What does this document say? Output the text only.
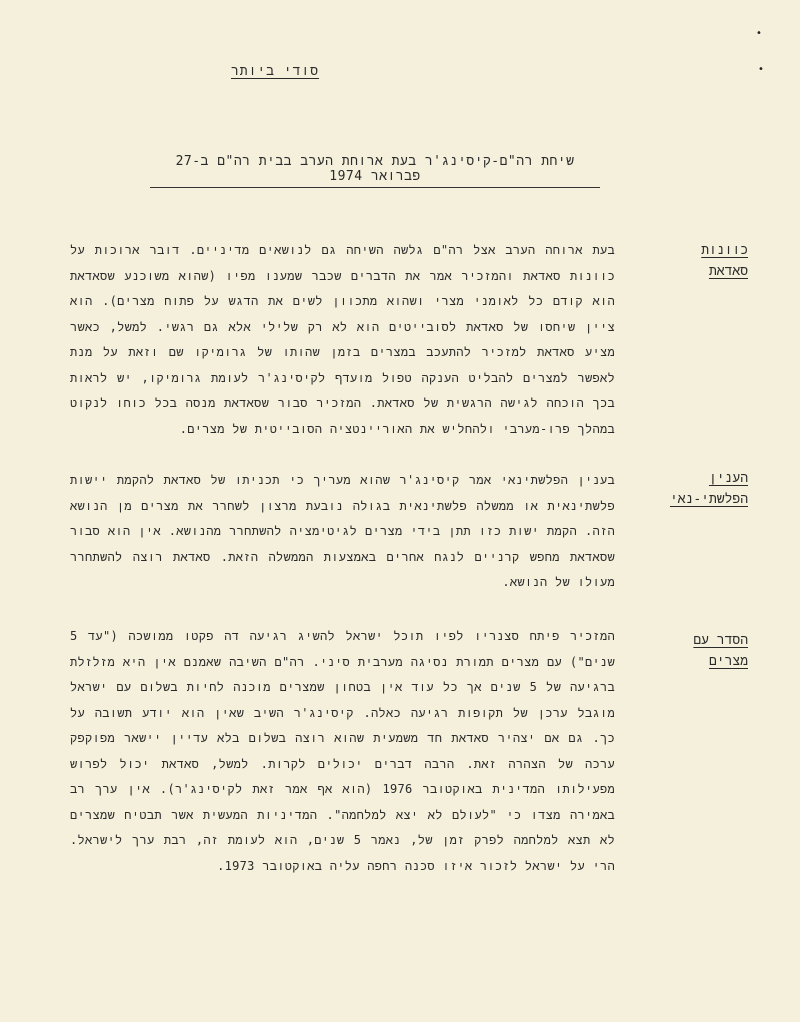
•
•
סודי ביותר
שיחת רה"ם-קיסינג'ר בעת ארוחת הערב בבית רה"ם ב-27 פברואר 1974
כוונות סאדאת
בעת ארוחה הערב אצל רה"ם גלשה השיחה גם לנושאים מדיניים. דובר ארוכות על כוונות סאדאת והמזכיר אמר את הדברים שכבר שמענו מפיו (שהוא משוכנע שסאדאת הוא קודם כל לאומני מצרי ושהוא מתכוון לשים את הדגש על פתוח מצרים). הוא ציין שיחסו של סאדאת לסובייטים הוא לא רק שלילי אלא גם רגשי. למשל, כאשר מציע סאדאת למזכיר להתעכב במצרים בזמן שהותו של גרומיקו שם וזאת על מנת לאפשר למצרים להבליט הענקה טפול מועדף לקיסינג'ר לעומת גרומיקו, יש לראות בכך הוכחה לגישה הרגשית של סאדאת. המזכיר סבור שסאדאת מנסה בכל כוחו לנקוט במהלך פרו-מערבי ולהחליש את האוריינטציה הסובייטית של מצרים.
הענין הפלשתי-נאי
בענין הפלשתינאי אמר קיסינג'ר שהוא מעריך כי תכניתו של סאדאת להקמת יישות פלשתינאית או ממשלה פלשתינאית בגולה נובעת מרצון לשחרר את מצרים מן הנושא הזה. הקמת ישות כזו תתן בידי מצרים לגיטימציה להשתחרר מהנושא. אין הוא סבור שסאדאת מחפש קרניים לנגח אחרים באמצעות הממשלה הזאת. סאדאת רוצה להשתחרר מעולו של הנושא.
הסדר עם מצרים
המזכיר פיתח סצנריו לפיו תוכל ישראל להשיג רגיעה דה פקטו ממושכה ("עד 5 שנים") עם מצרים תמורת נסיגה מערבית סיני. רה"ם השיבה שאמנם אין היא מזלזלת ברגיעה של 5 שנים אך כל עוד אין בטחון שמצרים מוכנה לחיות בשלום עם ישראל מוגבל ערכן של תקופות רגיעה כאלה. קיסינג'ר השיב שאין הוא יודע תשובה על כך. גם אם יצהיר סאדאת חד משמעית שהוא רוצה בשלום בלא עדיין יישאר מפוקפק ערכה של הצהרה זאת. הרבה דברים יכולים לקרות. למשל, סאדאת יכול לפרוש מפעילותו המדינית באוקטובר 1976 (הוא אף אמר זאת לקיסינג'ר). אין ערך רב באמירה מצדו כי "לעולם לא יצא למלחמה". המדיניות המעשית אשר תבטיח שמצרים לא תצא למלחמה לפרק זמן של, נאמר 5 שנים, הוא לעומת זה, רבת ערך לישראל. הרי על ישראל לזכור איזו סכנה רחפה עליה באוקטובר 1973.
